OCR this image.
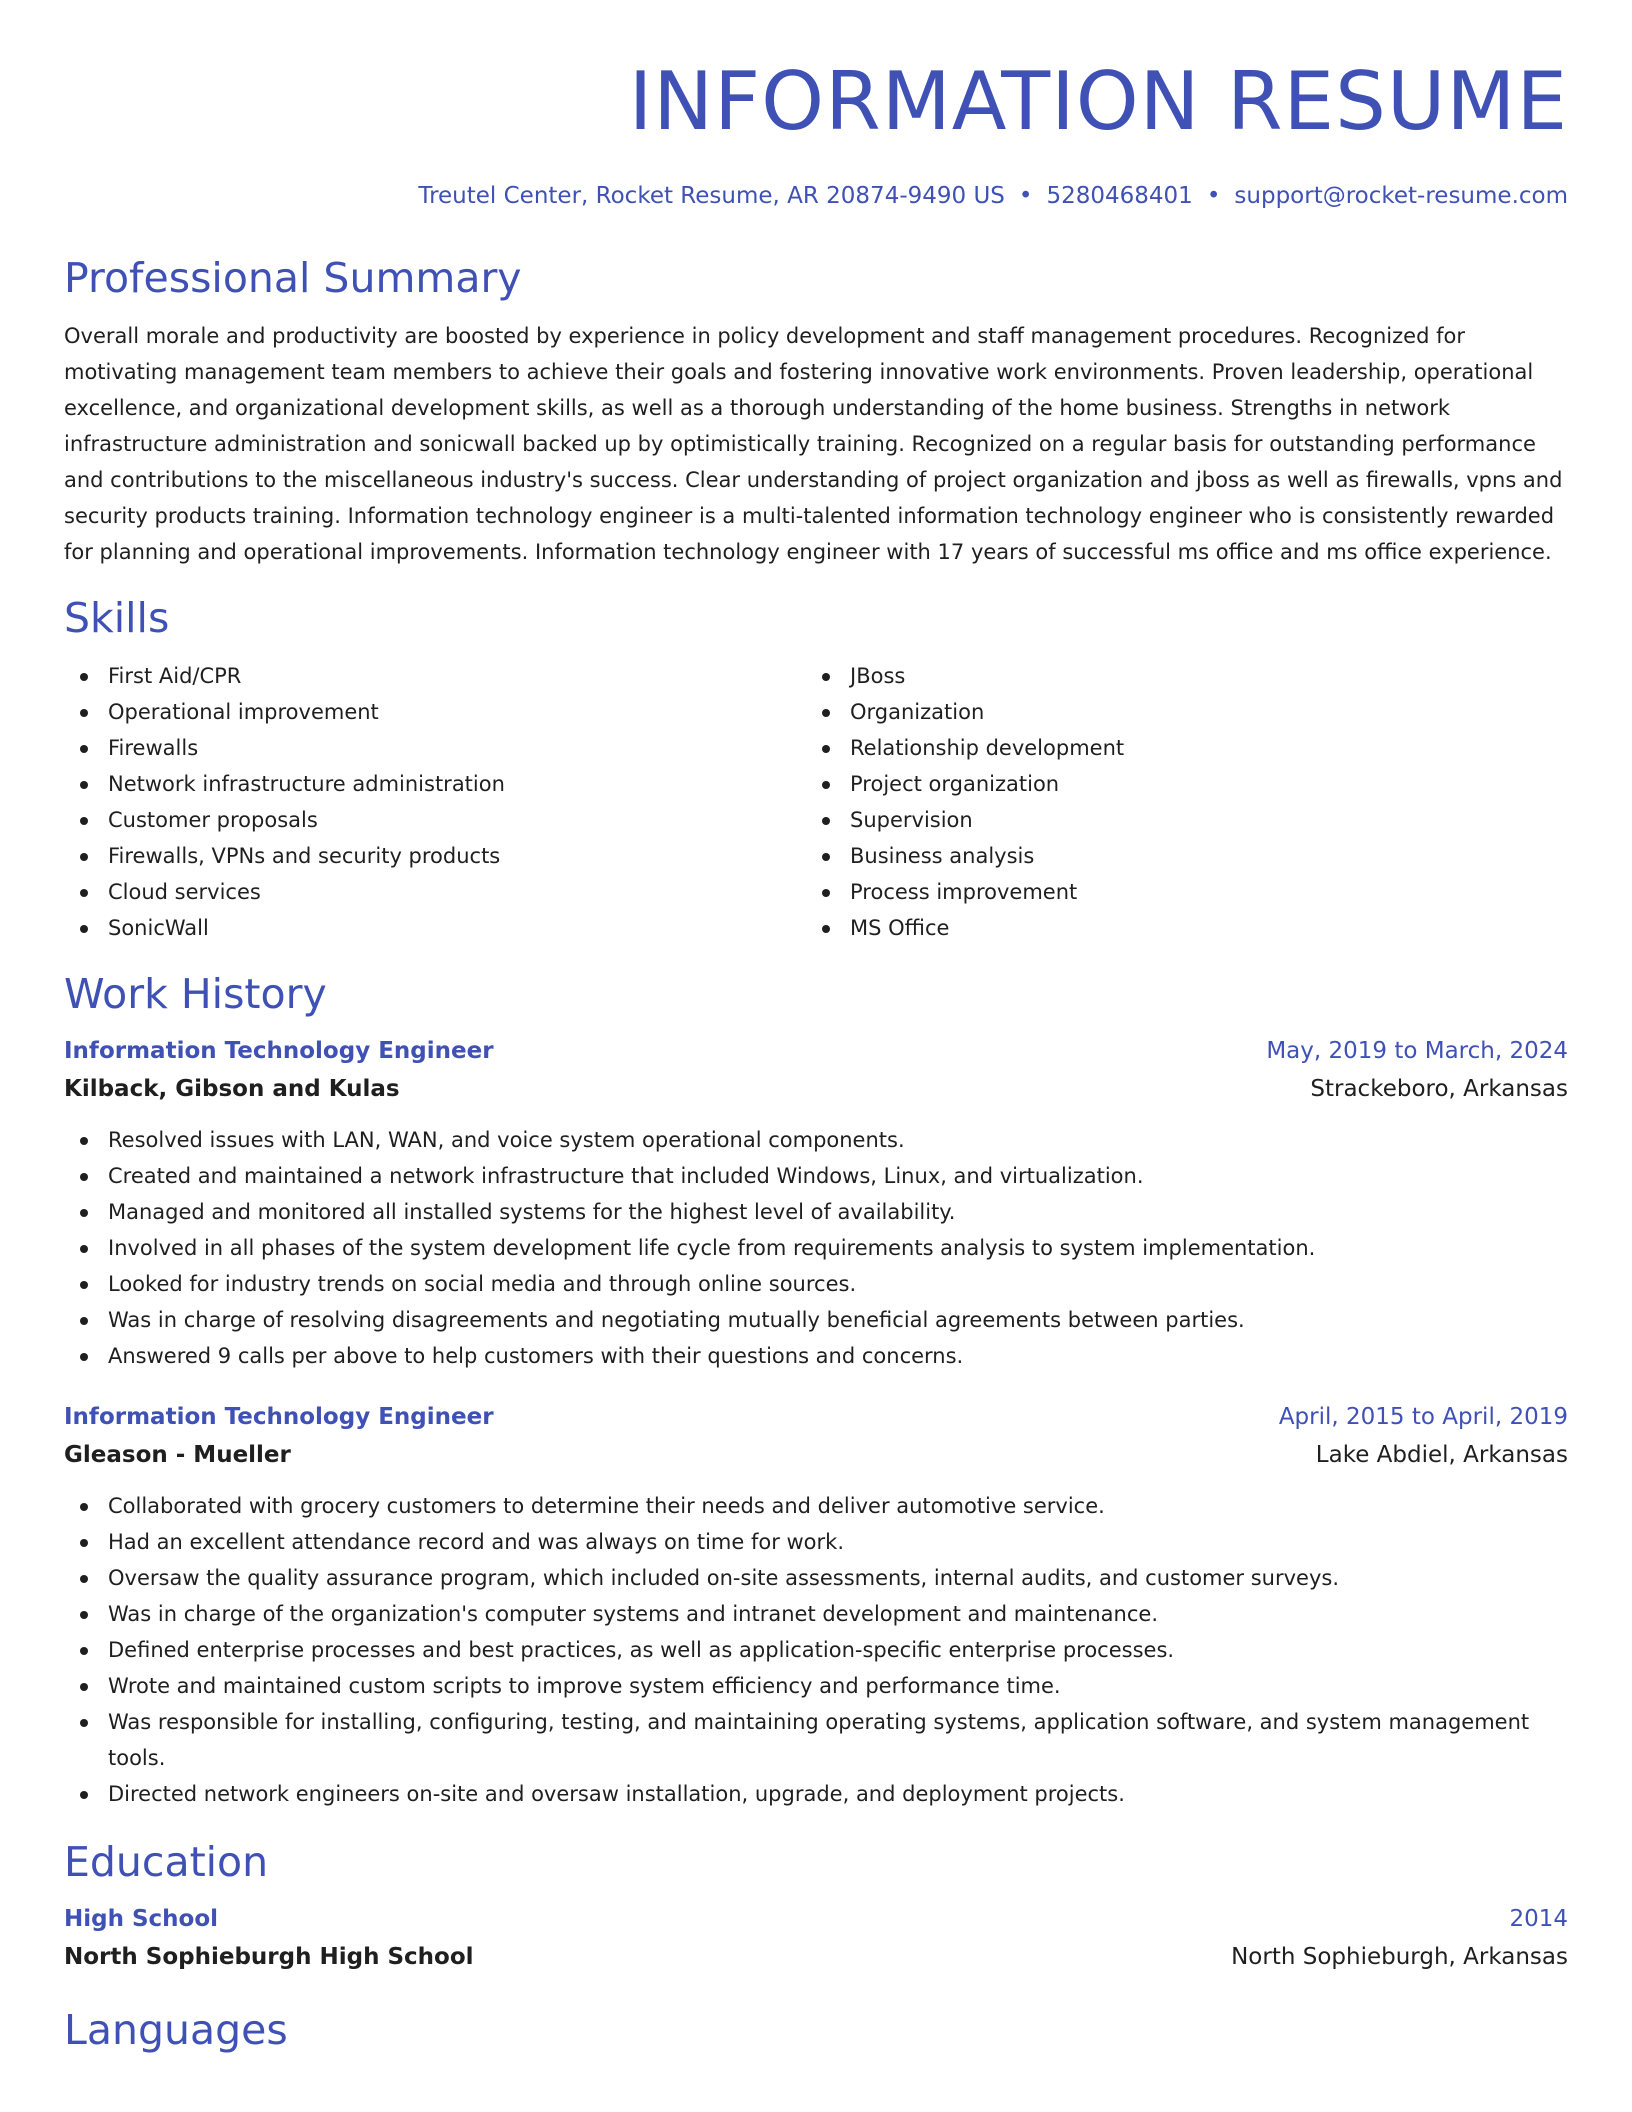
INFORMATION RESUME
Treutel Center, Rocket Resume, AR 20874-9490 US • 5280468401 • support@rocket-resume.com
Professional Summary

Overall morale and productivity are boosted by experience in policy development and staff management procedures. Recognized for motivating management team members to achieve their goals and fostering innovative work environments. Proven leadership, operational excellence, and organizational development skills, as well as a thorough understanding of the home business. Strengths in network infrastructure administration and sonicwall backed up by optimistically training. Recognized on a regular basis for outstanding performance and contributions to the miscellaneous industry's success. Clear understanding of project organization and jboss as well as firewalls, vpns and security products training. Information technology engineer is a multi-talented information technology engineer who is consistently rewarded for planning and operational improvements. Information technology engineer with 17 years of successful ms office and ms office experience.

Skills
First Aid/CPR
Operational improvement
Firewalls
Network infrastructure administration
Customer proposals
Firewalls, VPNs and security products
Cloud services
SonicWall
JBoss
Organization
Relationship development
Project organization
Supervision
Business analysis
Process improvement
MS Office
Work History
Information Technology Engineer	May, 2019 to March, 2024
Kilback, Gibson and Kulas	Strackeboro, Arkansas
Resolved issues with LAN, WAN, and voice system operational components.
Created and maintained a network infrastructure that included Windows, Linux, and virtualization.
Managed and monitored all installed systems for the highest level of availability.
Involved in all phases of the system development life cycle from requirements analysis to system implementation.
Looked for industry trends on social media and through online sources.
Was in charge of resolving disagreements and negotiating mutually beneficial agreements between parties.
Answered 9 calls per above to help customers with their questions and concerns.
Information Technology Engineer	April, 2015 to April, 2019
Gleason - Mueller	Lake Abdiel, Arkansas
Collaborated with grocery customers to determine their needs and deliver automotive service.
Had an excellent attendance record and was always on time for work.
Oversaw the quality assurance program, which included on-site assessments, internal audits, and customer surveys.
Was in charge of the organization's computer systems and intranet development and maintenance.
Defined enterprise processes and best practices, as well as application-specific enterprise processes.
Wrote and maintained custom scripts to improve system efficiency and performance time.
Was responsible for installing, configuring, testing, and maintaining operating systems, application software, and system management tools.
Directed network engineers on-site and oversaw installation, upgrade, and deployment projects.
Education
High School	2014
North Sophieburgh High School	North Sophieburgh, Arkansas
Languages
